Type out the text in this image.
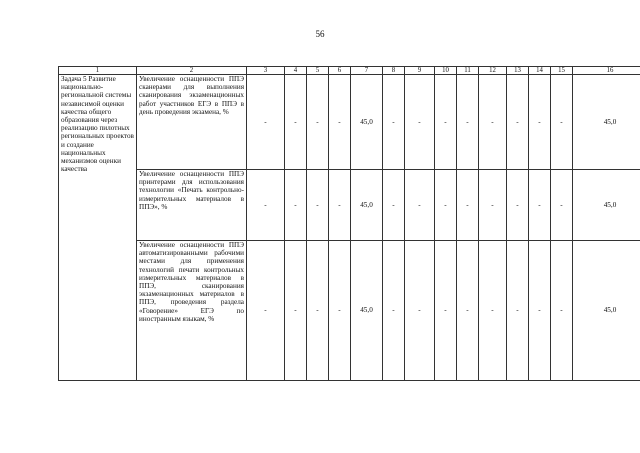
56
1	2	3	4	5	6	7	8	9	10	11	12	13	14	15	16
Задача 5 Развитие национально-региональной системы независимой оценки качества общего образования через реализацию пилотных региональных проектов и создание национальных механизмов оценки качества	Увеличение оснащенности ППЭ сканерами для выполнения сканирования экзаменационных работ участников ЕГЭ в ППЭ в день проведения экзамена, %	-	-	-	-	45,0	-	-	-	-	-	-	-	-	45,0
	Увеличение оснащенности ППЭ принтерами для использования технологии «Печать контрольно-измерительных материалов в ППЭ», %	-	-	-	-	45,0	-	-	-	-	-	-	-	-	45,0
	Увеличение оснащенности ППЭ автоматизированными рабочими местами для применения технологий печати контрольных измерительных материалов в ППЭ, сканирования экзаменационных материалов в ППЭ, проведения раздела «Говорение» ЕГЭ по иностранным языкам, %	-	-	-	-	45,0	-	-	-	-	-	-	-	-	45,0
